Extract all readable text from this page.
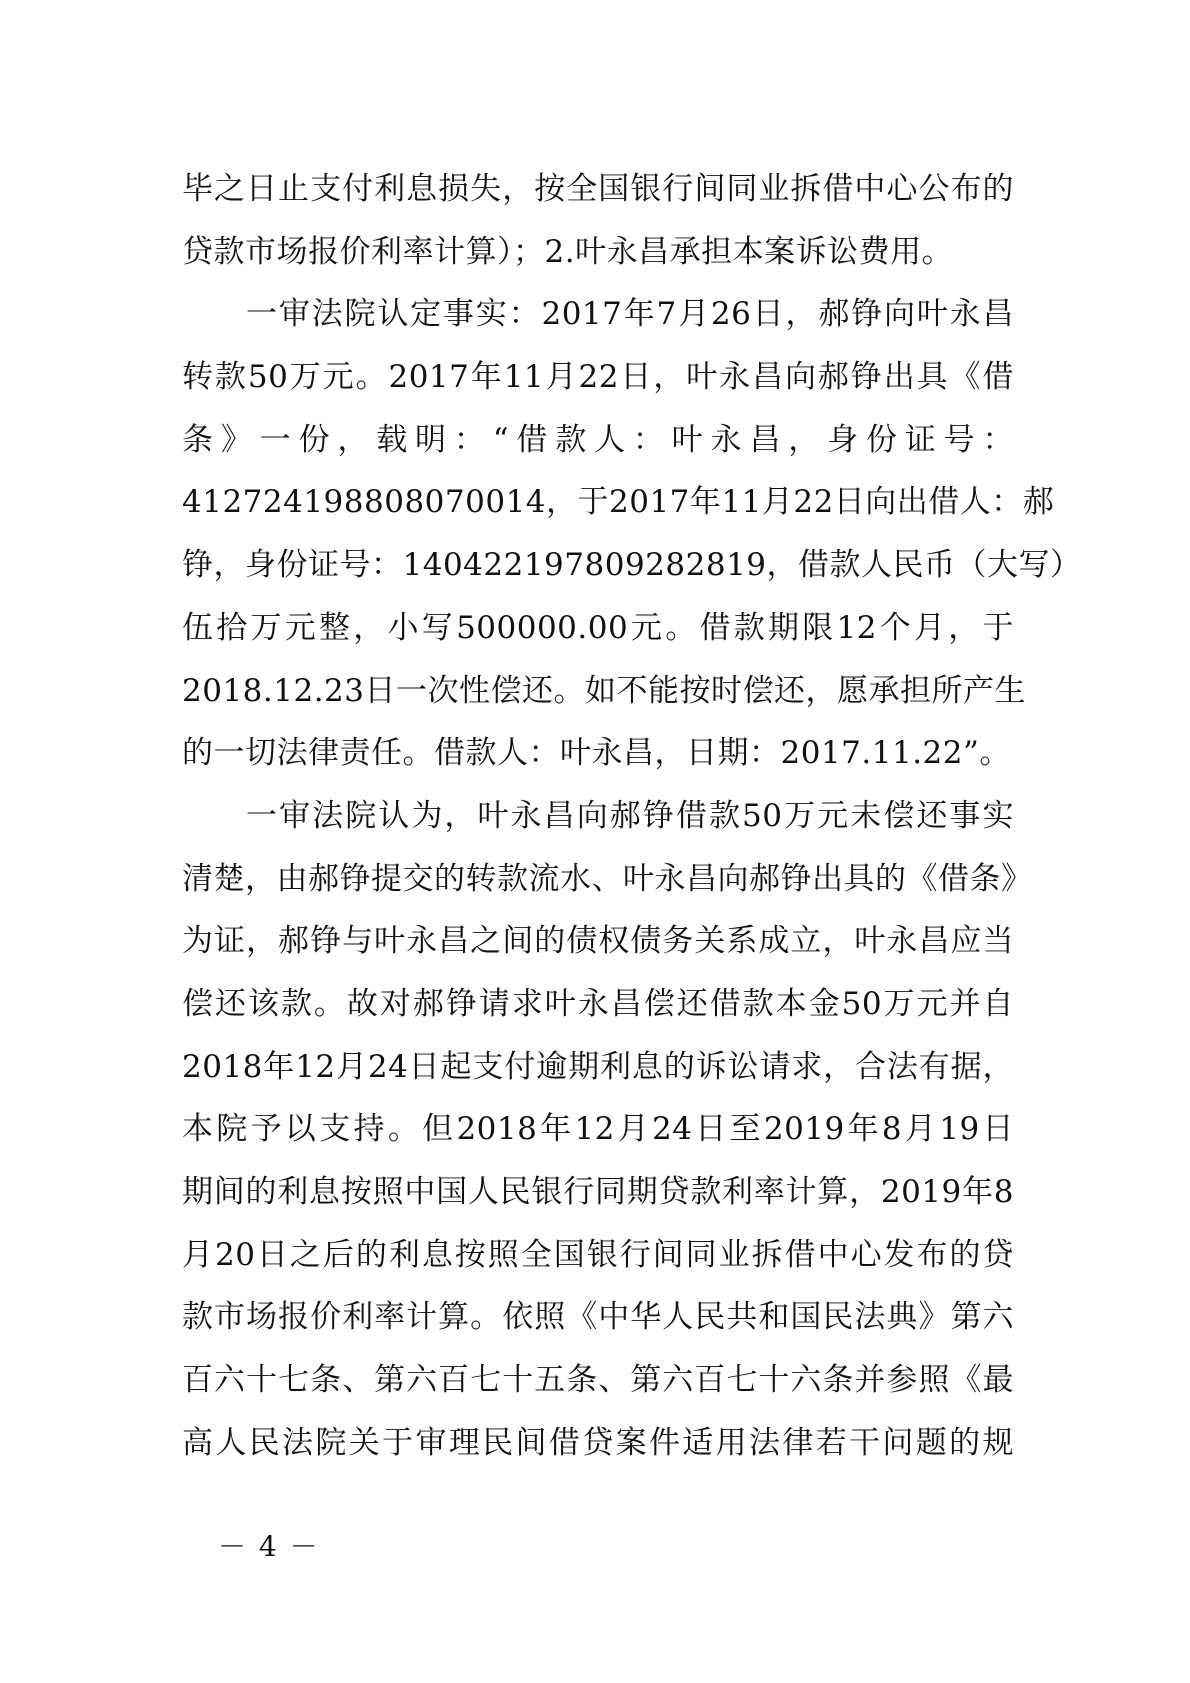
毕之日止支付利息损失，按全国银行间同业拆借中心公布的
贷款市场报价利率计算）；2.叶永昌承担本案诉讼费用。
一审法院认定事实：2017年7月26日，郝铮向叶永昌
转款50万元。2017年11月22日，叶永昌向郝铮出具《借
条》一份，载明：“借款人：叶永昌，身份证号：
412724198808070014，于2017年11月22日向出借人：郝
铮，身份证号：140422197809282819，借款人民币（大写）
伍拾万元整，小写500000.00元。借款期限12个月，于
2018.12.23日一次性偿还。如不能按时偿还，愿承担所产生
的一切法律责任。借款人：叶永昌，日期：2017.11.22”。
一审法院认为，叶永昌向郝铮借款50万元未偿还事实
清楚，由郝铮提交的转款流水、叶永昌向郝铮出具的《借条》
为证，郝铮与叶永昌之间的债权债务关系成立，叶永昌应当
偿还该款。故对郝铮请求叶永昌偿还借款本金50万元并自
2018年12月24日起支付逾期利息的诉讼请求，合法有据，
本院予以支持。但2018年12月24日至2019年8月19日
期间的利息按照中国人民银行同期贷款利率计算，2019年8
月20日之后的利息按照全国银行间同业拆借中心发布的贷
款市场报价利率计算。依照《中华人民共和国民法典》第六
百六十七条、第六百七十五条、第六百七十六条并参照《最
高人民法院关于审理民间借贷案件适用法律若干问题的规
－ 4 －
